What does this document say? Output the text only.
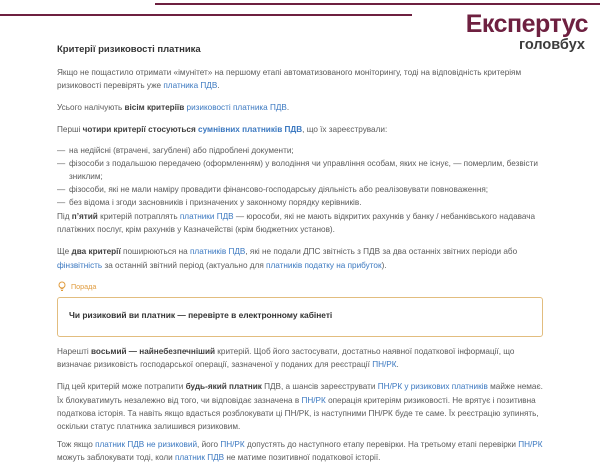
Експертус
головбух
Критерії ризиковості платника

Якщо не пощастило отримати «імунітет» на першому етапі автоматизованого моніторингу, тоді на відповідність критеріям ризиковості перевірять уже платника ПДВ.

Усього налічують вісім критеріїв ризиковості платника ПДВ.

Перші чотири критерії стосуються сумнівних платників ПДВ, що їх зареєстрували:

— на недійсні (втрачені, загублені) або підроблені документи;
— фізособи з подальшою передачею (оформленням) у володіння чи управління особам, яких не існує, — померлим, безвісти зниклим;
— фізособи, які не мали наміру провадити фінансово-господарську діяльність або реалізовувати повноваження;
— без відома і згоди засновників і призначених у законному порядку керівників.

Під п’ятий критерій потраплять платники ПДВ — юрособи, які не мають відкритих рахунків у банку / небанківського надавача платіжних послуг, крім рахунків у Казначействі (крім бюджетних установ).

Ще два критерії поширюються на платників ПДВ, які не подали ДПС звітність з ПДВ за два останніх звітних періоди або фінзвітність за останній звітний період (актуально для платників податку на прибуток).

Порада
Чи ризиковий ви платник — перевірте в електронному кабінеті

Нарешті восьмий — найнебезпечніший критерій. Щоб його застосувати, достатньо наявної податкової інформації, що визначає ризиковість господарської операції, зазначеної у поданих для реєстрації ПН/РК.

Під цей критерій може потрапити будь-який платник ПДВ, а шансів зареєструвати ПН/РК у ризикових платників майже немає. Їх блокуватимуть незалежно від того, чи відповідає зазначена в ПН/РК операція критеріям ризиковості. Не врятує і позитивна податкова історія. Та навіть якщо вдасться розблокувати ці ПН/РК, із наступними ПН/РК буде те саме. Їх реєстрацію зупинять, оскільки статус платника залишився ризиковим.

Тож якщо платник ПДВ не ризиковий, його ПН/РК допустять до наступного етапу перевірки. На третьому етапі перевірки ПН/РК можуть заблокувати тоді, коли платник ПДВ не матиме позитивної податкової історії.
